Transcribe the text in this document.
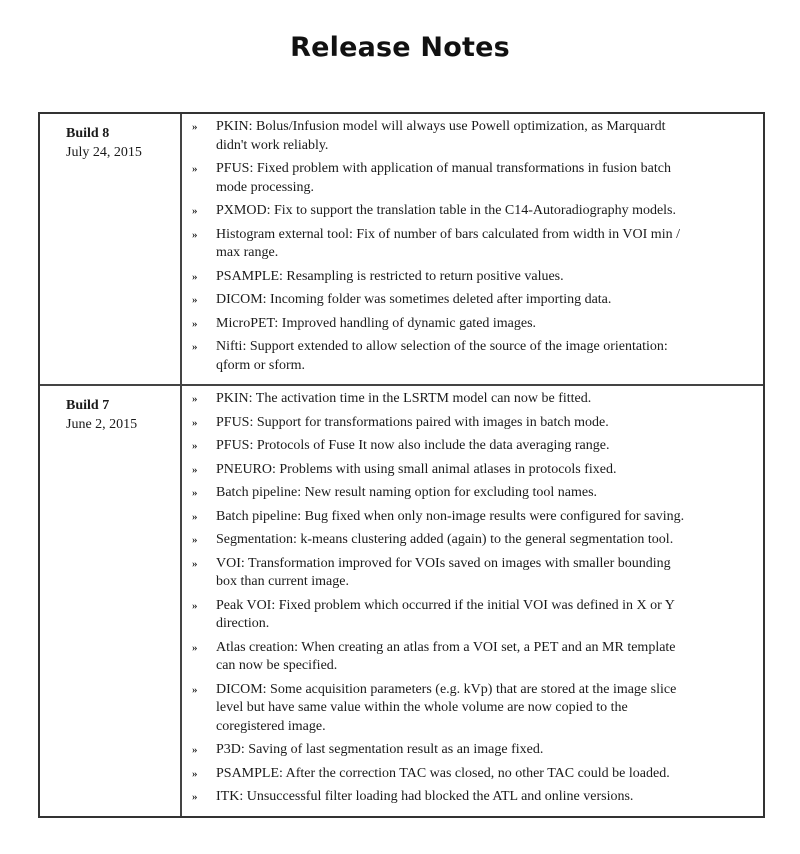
Release Notes
Build 8
July 24, 2015
»	PKIN: Bolus/Infusion model will always use Powell optimization, as Marquardt
didn't work reliably.
»	PFUS: Fixed problem with application of manual transformations in fusion batch
mode processing.
»	PXMOD: Fix to support the translation table in the C14-Autoradiography models.
»	Histogram external tool: Fix of number of bars calculated from width in VOI min /
max range.
»	PSAMPLE: Resampling is restricted to return positive values.
»	DICOM: Incoming folder was sometimes deleted after importing data.
»	MicroPET: Improved handling of dynamic gated images.
»	Nifti: Support extended to allow selection of the source of the image orientation:
qform or sform.
Build 7
June 2, 2015
»	PKIN: The activation time in the LSRTM model can now be fitted.
»	PFUS: Support for transformations paired with images in batch mode.
»	PFUS: Protocols of Fuse It now also include the data averaging range.
»	PNEURO: Problems with using small animal atlases in protocols fixed.
»	Batch pipeline: New result naming option for excluding tool names.
»	Batch pipeline: Bug fixed when only non-image results were configured for saving.
»	Segmentation: k-means clustering added (again) to the general segmentation tool.
»	VOI: Transformation improved for VOIs saved on images with smaller bounding
box than current image.
»	Peak VOI: Fixed problem which occurred if the initial VOI was defined in X or Y
direction.
»	Atlas creation: When creating an atlas from a VOI set, a PET and an MR template
can now be specified.
»	DICOM: Some acquisition parameters (e.g. kVp) that are stored at the image slice
level but have same value within the whole volume are now copied to the
coregistered image.
»	P3D: Saving of last segmentation result as an image fixed.
»	PSAMPLE: After the correction TAC was closed, no other TAC could be loaded.
»	ITK: Unsuccessful filter loading had blocked the ATL and online versions.
